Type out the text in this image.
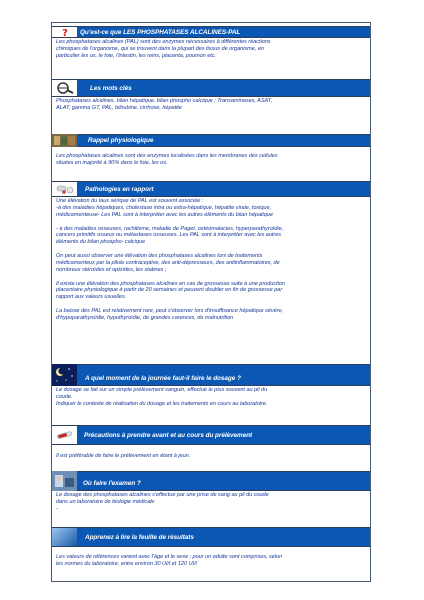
? Qu'est-ce que LES PHOSPHATASES ALCALINES-PAL

Les phosphatases alcalines (PAL) sont des enzymes nécessaires à différentes réactions

chimiques de l'organisme, qui se trouvent dans la plupart des tissus de organisme, en

particulier les os, le foie, l'intestin, les reins, placenta, poumon etc.

Les mots clés

Phosphatases alcalines, bilan hépatique, bilan phospho calcique ; Transaminases, ASAT,

ALAT, gamma GT, PAL, bilirubine, cirrhose, hépatite

Rappel physiologique

Les phosphatases alcalines sont des enzymes localisées dans les membranes des cellules

situées en majorité à 90% dans le foie, les os.

Pathologies en rapport

Une élévation du taux sérique de PAL est souvent associée :

-à des maladies hépatiques, cholestase intra ou extra-hépatique, hépatite virale, toxique,

médicamenteuse- Les PAL sont à interpréter avec les autres éléments du bilan hépatique

- à des maladies osseuses, rachitisme, maladie de Paget, ostéomalacies, hyperparathyroïdie,

cancers primitifs osseux ou métastases osseuses. Les PAL sont à interpréter avec les autres

éléments du bilan phospho- calcique

On peut aussi observer une élévation des phosphatases alcalines lors de traitements

médicamenteux par la pilule contraceptive, des anti-dépresseurs, des antiinflammatoires, de

nombreux stéroïdes et opioïdes, les statines ;

Il existe une élévation des phosphatases alcalines en cas de grossesse suite à une production

placentaire physiologique à partir de 20 semaines et peuvent doubler en fin de grossesse par

rapport aux valeurs usuelles.

La baisse des PAL est relativement rare, peut s'observer lors d'insuffisance hépatique sévère,

d'hypoparathyroïdie, hypothyroïdie, de grandes carences, de malnutrition

A quel moment de la journée faut-il faire le dosage ?

Le dosage se fait sur un simple prélèvement sanguin, effectué le plus souvent au pli du

coude.

Indiquer le contexte de réalisation du dosage et les traitements en cours au laboratoire.

Précautions à prendre avant et au cours du prélèvement

Il est préférable de faire le prélèvement en étant à jeun.

Où faire l'examen ?

Le dosage des phosphatases alcalines s'effectue par une prise de sang au pli du coude

dans un laboratoire de biologie médicale

-

Apprenez à lire la feuille de résultats

Les valeurs de références varient avec l'âge et le sexe ; pour un adulte sont comprises, selon

les normes du laboratoire, entre environ 30 UI/l et 120 UI/l
